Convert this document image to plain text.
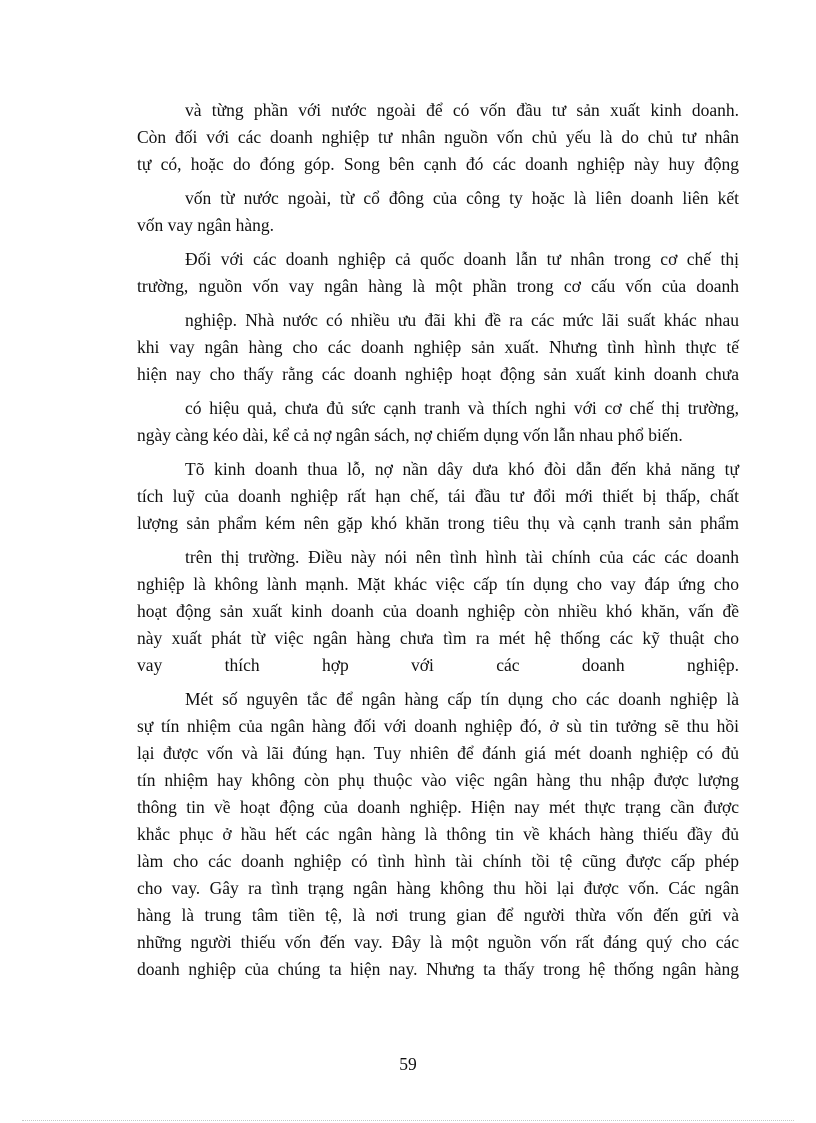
và từng phần với nước ngoài để có vốn đầu tư sản xuất kinh doanh.
Còn đối với các doanh nghiệp tư nhân nguồn vốn chủ yếu là do chủ tư nhân
tự có, hoặc do đóng góp. Song bên cạnh đó các doanh nghiệp này huy động
vốn từ nước ngoài, từ cổ đông của công ty hoặc là liên doanh liên kết
vốn vay ngân hàng.
Đối với các doanh nghiệp cả quốc doanh lẫn tư nhân trong cơ chế thị
trường, nguồn vốn vay ngân hàng là một phần trong cơ cấu vốn của doanh
nghiệp. Nhà nước có nhiều ưu đãi khi đề ra các mức lãi suất khác nhau
khi vay ngân hàng cho các doanh nghiệp sản xuất. Nhưng tình hình thực tế
hiện nay cho thấy rằng các doanh nghiệp hoạt động sản xuất kinh doanh chưa
có hiệu quả, chưa đủ sức cạnh tranh và thích nghi với cơ chế thị trường,
ngày càng kéo dài, kể cả nợ ngân sách, nợ chiếm dụng vốn lẫn nhau phổ biến.
Tõ kinh doanh thua lỗ, nợ nần dây dưa khó đòi dẫn đến khả năng tự
tích luỹ của doanh nghiệp rất hạn chế, tái đầu tư đổi mới thiết bị thấp, chất
lượng sản phẩm kém nên gặp khó khăn trong tiêu thụ và cạnh tranh sản phẩm
trên thị trường. Điều này nói nên tình hình tài chính của các các doanh
nghiệp là không lành mạnh. Mặt khác việc cấp tín dụng cho vay đáp ứng cho
hoạt động sản xuất kinh doanh của doanh nghiệp còn nhiều khó khăn, vấn đề
này xuất phát từ việc ngân hàng chưa tìm ra mét hệ thống các kỹ thuật cho
vay thích hợp với các doanh nghiệp.
Mét số nguyên tắc để ngân hàng cấp tín dụng cho các doanh nghiệp là
sự tín nhiệm của ngân hàng đối với doanh nghiệp đó, ở sù tin tưởng sẽ thu hồi
lại được vốn và lãi đúng hạn. Tuy nhiên để đánh giá mét doanh nghiệp có đủ
tín nhiệm hay không còn phụ thuộc vào việc ngân hàng thu nhập được lượng
thông tin về hoạt động của doanh nghiệp. Hiện nay mét thực trạng cần được
khắc phục ở hầu hết các ngân hàng là thông tin về khách hàng thiếu đầy đủ
làm cho các doanh nghiệp có tình hình tài chính tồi tệ cũng được cấp phép
cho vay. Gây ra tình trạng ngân hàng không thu hồi lại được vốn. Các ngân
hàng là trung tâm tiền tệ, là nơi trung gian để người thừa vốn đến gửi và
những người thiếu vốn đến vay. Đây là một nguồn vốn rất đáng quý cho các
doanh nghiệp của chúng ta hiện nay. Nhưng ta thấy trong hệ thống ngân hàng
59
